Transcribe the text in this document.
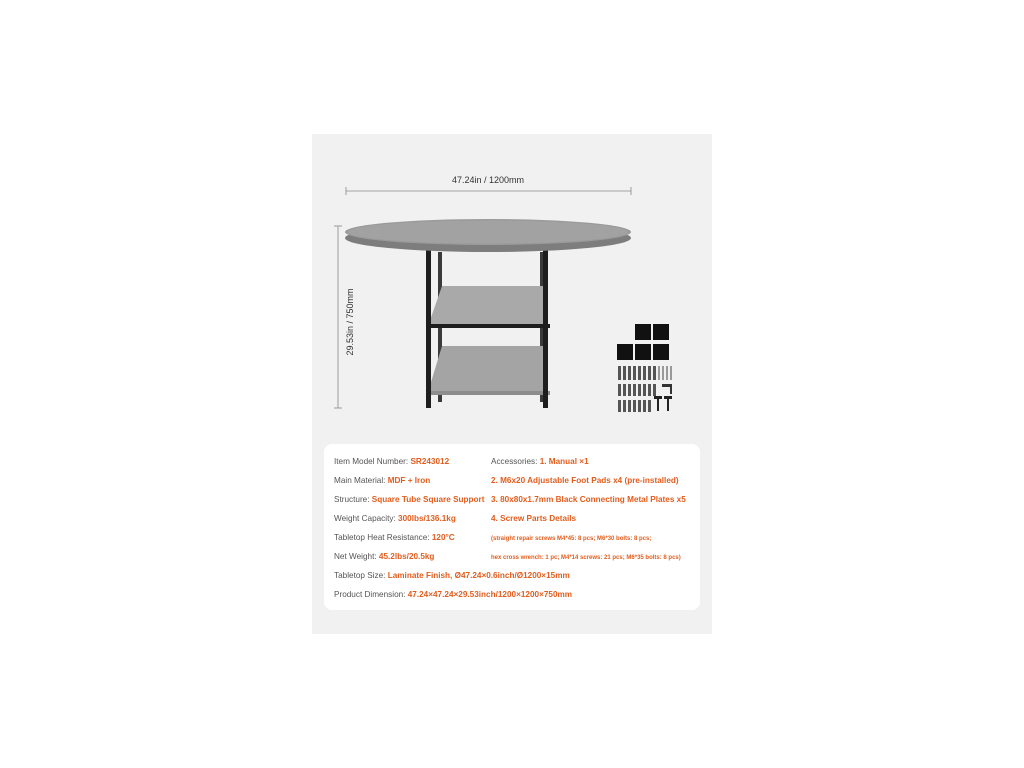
47.24in / 1200mm
29.53in / 750mm
Item Model Number: SR243012
Main Material: MDF + Iron
Structure: Square Tube Square Support
Weight Capacity: 300lbs/136.1kg
Tabletop Heat Resistance: 120°C
Net Weight: 45.2lbs/20.5kg
Accessories: 1. Manual ×1
2. M6x20 Adjustable Foot Pads x4 (pre-installed)
3. 80x80x1.7mm Black Connecting Metal Plates x5
4. Screw Parts Details
(straight repair screws M4*45: 8 pcs; M6*30 bolts: 8 pcs;
hex cross wrench: 1 pc; M4*14 screws: 21 pcs; M6*35 bolts: 8 pcs)
Tabletop Size: Laminate Finish, Ø47.24×0.6inch/Ø1200×15mm
Product Dimension: 47.24×47.24×29.53inch/1200×1200×750mm
